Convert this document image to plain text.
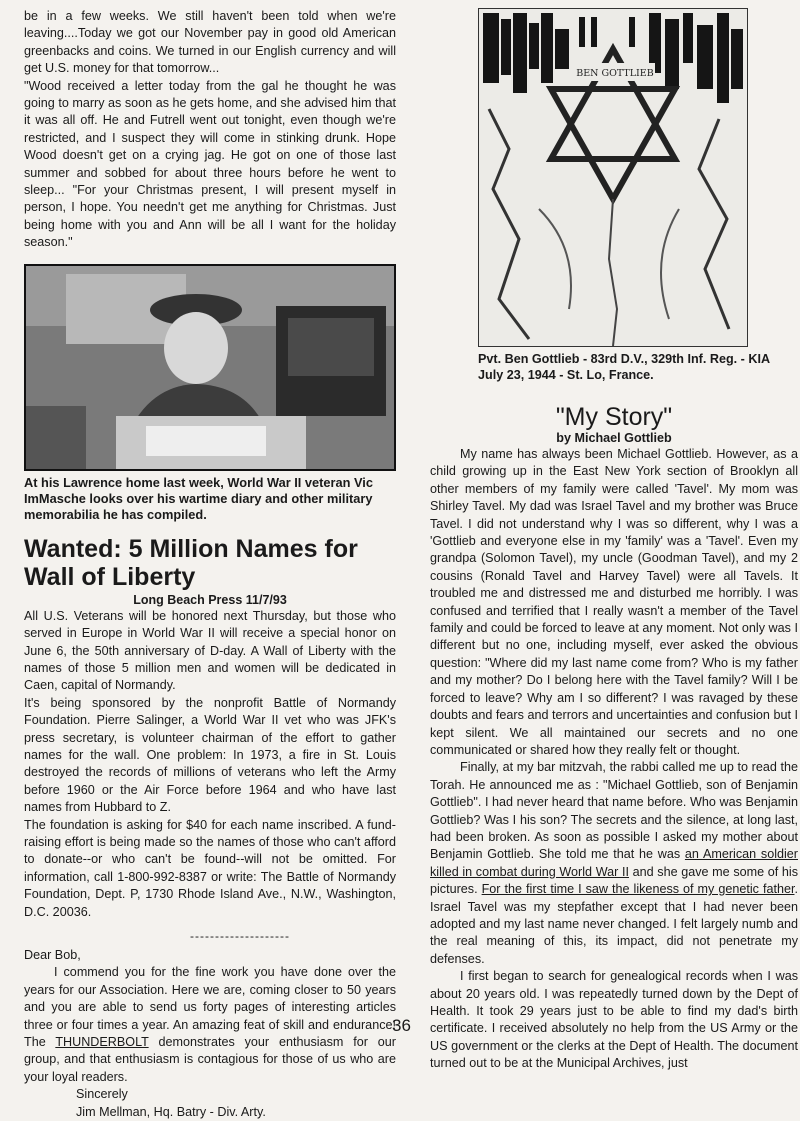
be in a few weeks. We still haven't been told when we're leaving....Today we got our November pay in good old American greenbacks and coins. We turned in our English currency and will get U.S. money for that tomorrow...

"Wood received a letter today from the gal he thought he was going to marry as soon as he gets home, and she advised him that it was all off. He and Futrell went out tonight, even though we're restricted, and I suspect they will come in stinking drunk. Hope Wood doesn't get on a crying jag. He got on one of those last summer and sobbed for about three hours before he went to sleep... "For your Christmas present, I will present myself in person, I hope. You needn't get me anything for Christmas. Just being home with you and Ann will be all I want for the holiday season."

At his Lawrence home last week, World War II veteran Vic ImMasche looks over his wartime diary and other military memorabilia he has compiled.
Wanted: 5 Million Names for Wall of Liberty
Long Beach Press 11/7/93

All U.S. Veterans will be honored next Thursday, but those who served in Europe in World War II will receive a special honor on June 6, the 50th anniversary of D-day. A Wall of Liberty with the names of those 5 million men and women will be dedicated in Caen, capital of Normandy.

It's being sponsored by the nonprofit Battle of Normandy Foundation. Pierre Salinger, a World War II vet who was JFK's press secretary, is volunteer chairman of the effort to gather names for the wall. One problem: In 1973, a fire in St. Louis destroyed the records of millions of veterans who left the Army before 1960 or the Air Force before 1964 and who have last names from Hubbard to Z.

The foundation is asking for $40 for each name inscribed. A fund-raising effort is being made so the names of those who can't afford to donate--or who can't be found--will not be omitted. For information, call 1-800-992-8387 or write: The Battle of Normandy Foundation, Dept. P, 1730 Rhode Island Ave., N.W., Washington, D.C. 20036.

--------------------

Dear Bob,

I commend you for the fine work you have done over the years for our Association. Here we are, coming closer to 50 years and you are able to send us forty pages of interesting articles three or four times a year. An amazing feat of skill and endurance! The THUNDERBOLT demonstrates your enthusiasm for our group, and that enthusiasm is contagious for those of us who are your loyal readers.

Sincerely

Jim Mellman, Hq. Batry - Div. Arty.

BEN GOTTLIEB
Pvt. Ben Gottlieb - 83rd D.V., 329th Inf. Reg. - KIA July 23, 1944 - St. Lo, France.
"My Story"
by Michael Gottlieb

My name has always been Michael Gottlieb. However, as a child growing up in the East New York section of Brooklyn all other members of my family were called 'Tavel'. My mom was Shirley Tavel. My dad was Israel Tavel and my brother was Bruce Tavel. I did not understand why I was so different, why I was a 'Gottlieb and everyone else in my 'family' was a 'Tavel'. Even my grandpa (Solomon Tavel), my uncle (Goodman Tavel), and my 2 cousins (Ronald Tavel and Harvey Tavel) were all Tavels. It troubled me and distressed me and disturbed me horribly. I was confused and terrified that I really wasn't a member of the Tavel family and could be forced to leave at any moment. Not only was I different but no one, including myself, ever asked the obvious question: "Where did my last name come from? Who is my father and my mother? Do I belong here with the Tavel family? Will I be forced to leave? Why am I so different? I was ravaged by these doubts and fears and terrors and uncertainties and confusion but I kept silent. We all maintained our secrets and no one communicated or shared how they really felt or thought.

Finally, at my bar mitzvah, the rabbi called me up to read the Torah. He announced me as : "Michael Gottlieb, son of Benjamin Gottlieb". I had never heard that name before. Who was Benjamin Gottlieb? Was I his son? The secrets and the silence, at long last, had been broken. As soon as possible I asked my mother about Benjamin Gottlieb. She told me that he was an American soldier killed in combat during World War II and she gave me some of his pictures. For the first time I saw the likeness of my genetic father. Israel Tavel was my stepfather except that I had never been adopted and my last name never changed. I felt largely numb and the real meaning of this, its impact, did not penetrate my defenses.

I first began to search for genealogical records when I was about 20 years old. I was repeatedly turned down by the Dept of Health. It took 29 years just to be able to find my dad's birth certificate. I received absolutely no help from the US Army or the US government or the clerks at the Dept of Health. The document turned out to be at the Municipal Archives, just

36
